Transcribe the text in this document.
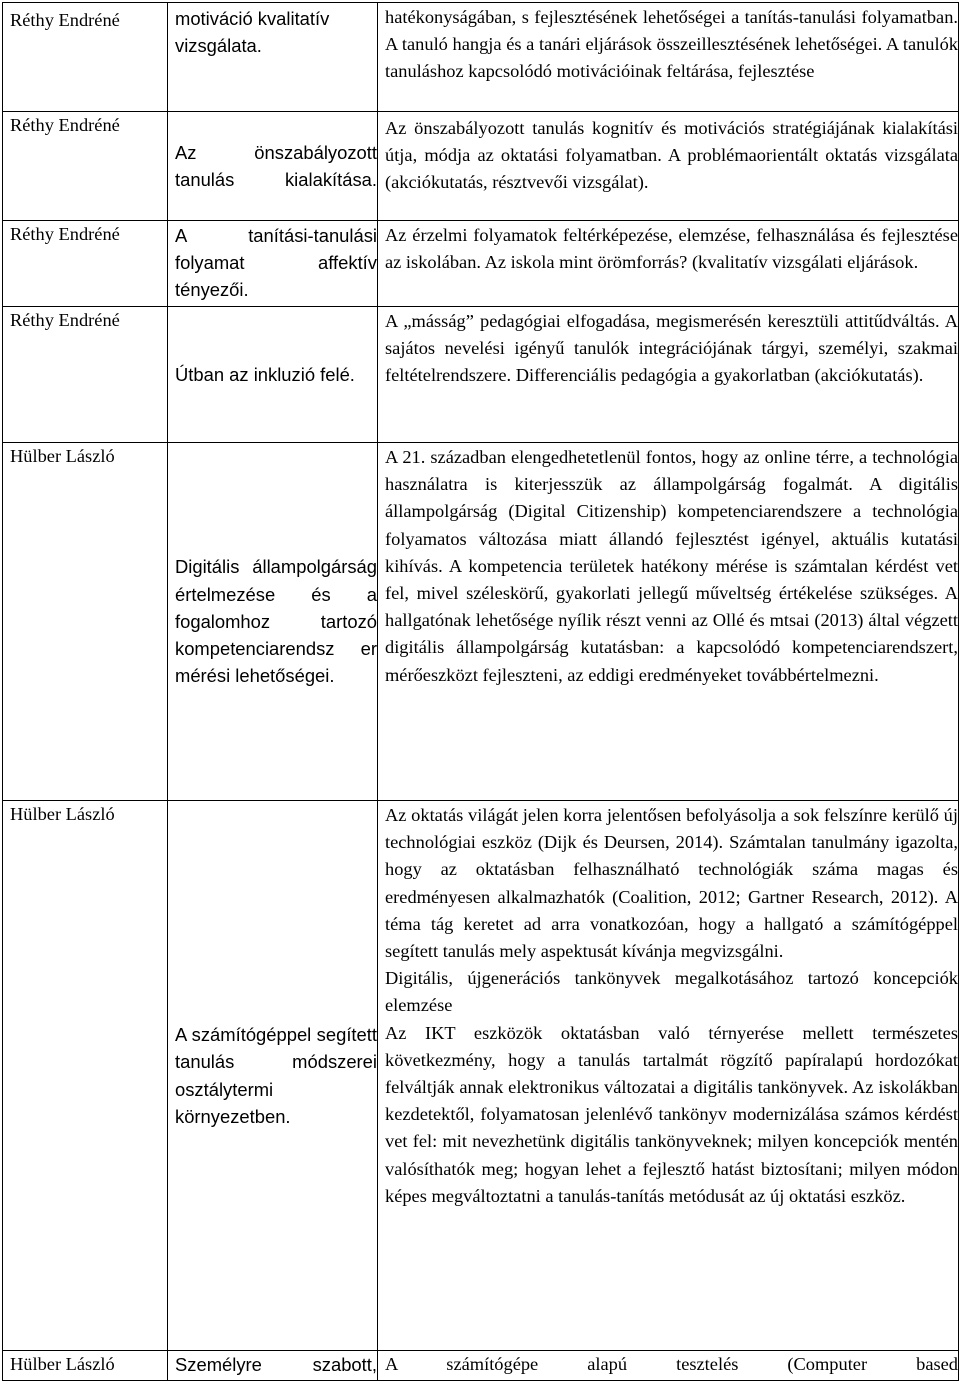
Réthy Endréné	motiváció kvalitatív vizsgálata.	hatékonyságában, s fejlesztésének lehetőségei a tanítás-tanulási folyamatban. A tanuló hangja és a tanári eljárások összeillesztésének lehetőségei. A tanulók tanuláshoz kapcsolódó motivációinak feltárása, fejlesztése

Réthy Endréné	Az önszabályozott tanulás kialakítása.	Az önszabályozott tanulás kognitív és motivációs stratégiájának kialakítási útja, módja az oktatási folyamatban. A problémaorientált oktatás vizsgálata (akciókutatás, résztvevői vizsgálat).

Réthy Endréné	A tanítási-tanulási folyamat affektív tényezői.	Az érzelmi folyamatok feltérképezése, elemzése, felhasználása és fejlesztése az iskolában. Az iskola mint örömforrás? (kvalitatív vizsgálati eljárások.

Réthy Endréné	Útban az inkluzió felé.	A „másság” pedagógiai elfogadása, megismerésén keresztüli attitűdváltás. A sajátos nevelési igényű tanulók integrációjának tárgyi, személyi, szakmai feltételrendszere. Differenciális pedagógia a gyakorlatban (akciókutatás).

Hülber László	Digitális állampolgárság értelmezése és a fogalomhoz tartozó kompetenciarendsz er mérési lehetőségei.	A 21. században elengedhetetlenül fontos, hogy az online térre, a technológia használatra is kiterjesszük az állampolgárság fogalmát. A digitális állampolgárság (Digital Citizenship) kompetenciarendszere a technológia folyamatos változása miatt állandó fejlesztést igényel, aktuális kutatási kihívás. A kompetencia területek hatékony mérése is számtalan kérdést vet fel, mivel széleskörű, gyakorlati jellegű műveltség értékelése szükséges. A hallgatónak lehetősége nyílik részt venni az Ollé és mtsai (2013) által végzett digitális állampolgárság kutatásban: a kapcsolódó kompetenciarendszert, mérőeszközt fejleszteni, az eddigi eredményeket továbbértelmezni.

Hülber László	A számítógéppel segített tanulás módszerei osztálytermi környezetben.	Az oktatás világát jelen korra jelentősen befolyásolja a sok felszínre kerülő új technológiai eszköz (Dijk és Deursen, 2014). Számtalan tanulmány igazolta, hogy az oktatásban felhasználható technológiák száma magas és eredményesen alkalmazhatók (Coalition, 2012; Gartner Research, 2012). A téma tág keretet ad arra vonatkozóan, hogy a hallgató a számítógéppel segített tanulás mely aspektusát kívánja megvizsgálni.
Digitális, újgenerációs tankönyvek megalkotásához tartozó koncepciók elemzése
Az IKT eszközök oktatásban való térnyerése mellett természetes következmény, hogy a tanulás tartalmát rögzítő papíralapú hordozókat felváltják annak elektronikus változatai a digitális tankönyvek. Az iskolákban kezdetektől, folyamatosan jelenlévő tankönyv modernizálása számos kérdést vet fel: mit nevezhetünk digitális tankönyveknek; milyen koncepciók mentén valósíthatók meg; hogyan lehet a fejlesztő hatást biztosítani; milyen módon képes megváltoztatni a tanulás-tanítás metódusát az új oktatási eszköz.

Hülber László	Személyre szabott,	A számítógépe alapú tesztelés (Computer based
